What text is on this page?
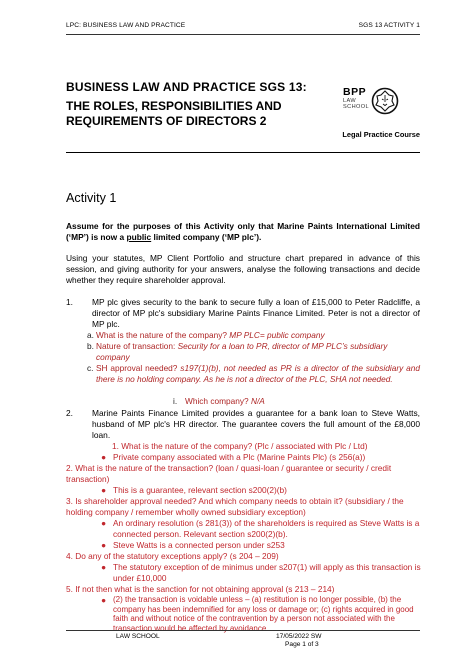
LPC: BUSINESS LAW AND PRACTICE	SGS 13 ACTIVITY 1
BUSINESS LAW AND PRACTICE SGS 13:
THE ROLES, RESPONSIBILITIES AND REQUIREMENTS OF DIRECTORS 2
BPP
LAW
SCHOOL
Legal Practice Course
Activity 1
Assume for the purposes of this Activity only that Marine Paints International Limited (‘MP’) is now a public limited company (‘MP plc’).
Using your statutes, MP Client Portfolio and structure chart prepared in advance of this session, and giving authority for your answers, analyse the following transactions and decide whether they require shareholder approval.
1. MP plc gives security to the bank to secure fully a loan of £15,000 to Peter Radcliffe, a director of MP plc's subsidiary Marine Paints Finance Limited. Peter is not a director of MP plc.
a. What is the nature of the company? MP PLC= public company
b. Nature of transaction: Security for a loan to PR, director of MP PLC’s subsidiary company
c. SH approval needed? s197(1)(b), not needed as PR is a director of the subsidiary and there is no holding company. As he is not a director of the PLC, SHA not needed.
i. Which company? N/A
2. Marine Paints Finance Limited provides a guarantee for a bank loan to Steve Watts, husband of MP plc's HR director. The guarantee covers the full amount of the £8,000 loan.
1. What is the nature of the company? (Plc / associated with Plc / Ltd)
● Private company associated with a Plc (Marine Paints Plc) (s 256(a))
2. What is the nature of the transaction? (loan / quasi-loan / guarantee or security / credit transaction)
● This is a guarantee, relevant section s200(2)(b)
3. Is shareholder approval needed? And which company needs to obtain it? (subsidiary / the holding company / remember wholly owned subsidiary exception)
● An ordinary resolution (s 281(3)) of the shareholders is required as Steve Watts is a connected person. Relevant section s200(2)(b).
● Steve Watts is a connected person under s253
4. Do any of the statutory exceptions apply? (s 204 – 209)
● The statutory exception of de minimus under s207(1) will apply as this transaction is under £10,000
5. If not then what is the sanction for not obtaining approval (s 213 – 214)
● (2) the transaction is voidable unless – (a) restitution is no longer possible, (b) the company has been indemnified for any loss or damage or; (c) rights acquired in good faith and without notice of the contravention by a person not associated with the transaction would be affected by avoidance
LAW SCHOOL	17/05/2022 SW
Page 1 of 3
